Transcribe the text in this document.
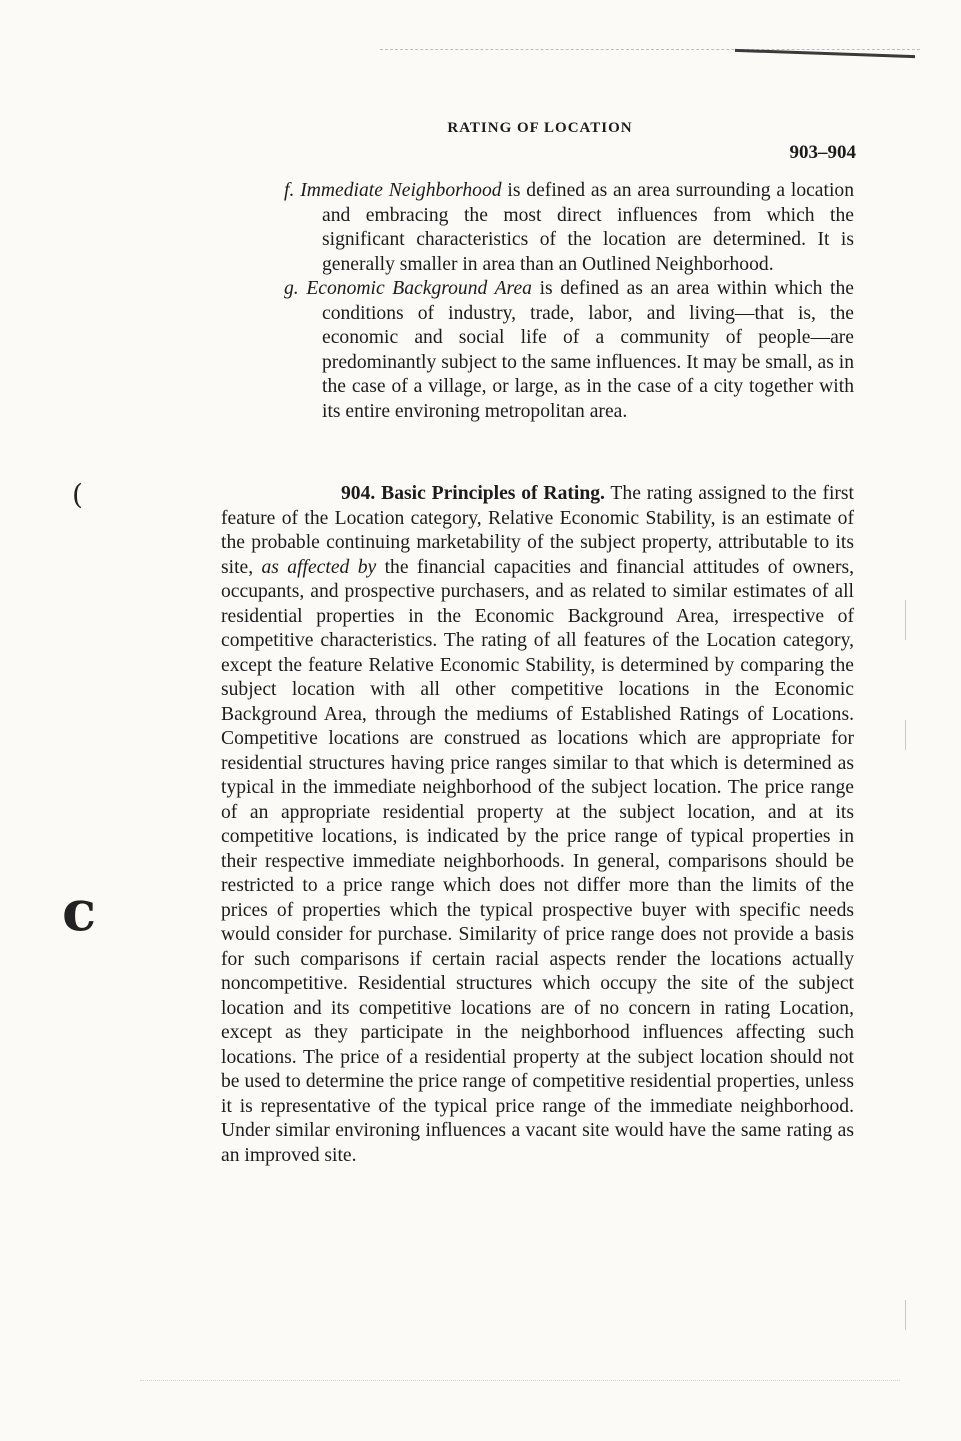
RATING OF LOCATION
903–904

f. Immediate Neighborhood is defined as an area surrounding a location and embracing the most direct influences from which the significant characteristics of the location are determined. It is generally smaller in area than an Outlined Neighborhood.

g. Economic Background Area is defined as an area within which the conditions of industry, trade, labor, and living—that is, the economic and social life of a community of people—are predominantly subject to the same influences. It may be small, as in the case of a village, or large, as in the case of a city together with its entire environing metropolitan area.

904. Basic Principles of Rating. The rating assigned to the first feature of the Location category, Relative Economic Stability, is an estimate of the probable continuing marketability of the subject property, attributable to its site, as affected by the financial capacities and financial attitudes of owners, occupants, and prospective purchasers, and as related to similar estimates of all residential properties in the Economic Background Area, irrespective of competitive characteristics. The rating of all features of the Location category, except the feature Relative Economic Stability, is determined by comparing the subject location with all other competitive locations in the Economic Background Area, through the mediums of Established Ratings of Locations. Competitive locations are construed as locations which are appropriate for residential structures having price ranges similar to that which is determined as typical in the immediate neighborhood of the subject location. The price range of an appropriate residential property at the subject location, and at its competitive locations, is indicated by the price range of typical properties in their respective immediate neighborhoods. In general, comparisons should be restricted to a price range which does not differ more than the limits of the prices of properties which the typical prospective buyer with specific needs would consider for purchase. Similarity of price range does not provide a basis for such comparisons if certain racial aspects render the locations actually noncompetitive. Residential structures which occupy the site of the subject location and its competitive locations are of no concern in rating Location, except as they participate in the neighborhood influences affecting such locations. The price of a residential property at the subject location should not be used to determine the price range of competitive residential properties, unless it is representative of the typical price range of the immediate neighborhood. Under similar environing influences a vacant site would have the same rating as an improved site.

(
c
